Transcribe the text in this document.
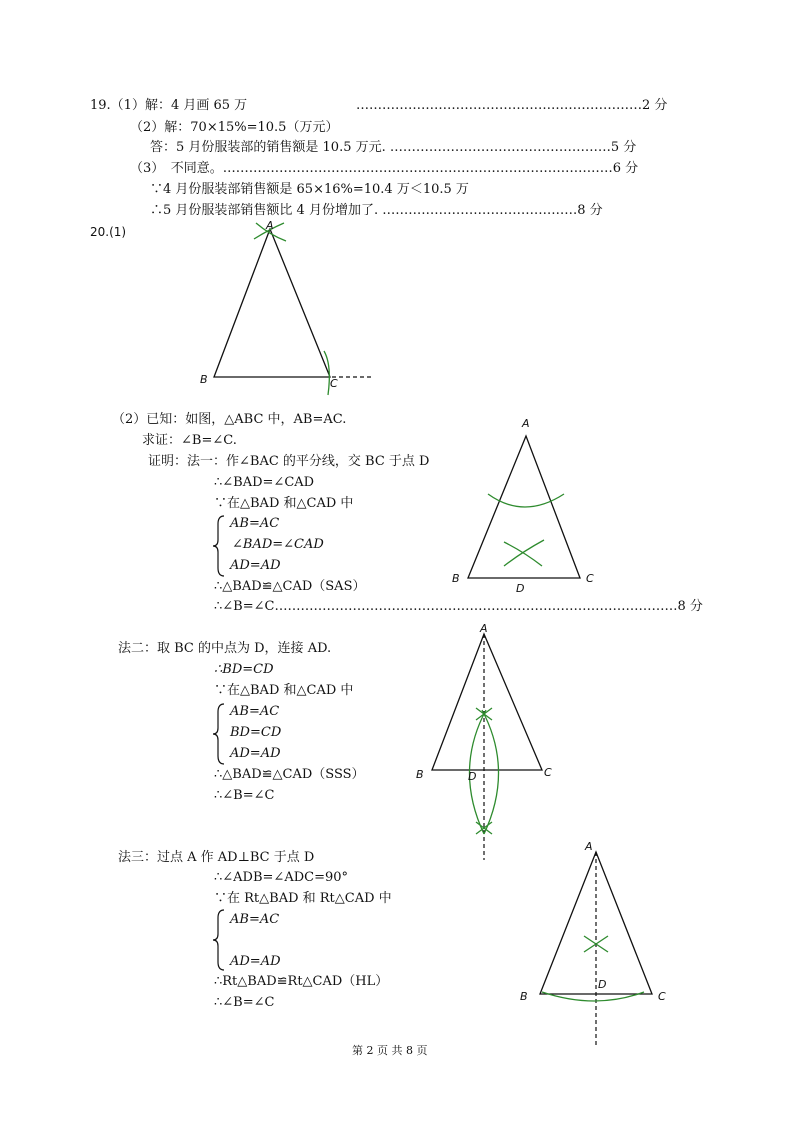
19.（1）解：4 月画 65 万	…………………………………………………………2 分
（2）解：70×15%=10.5（万元）
答：5 月份服装部的销售额是 10.5 万元. ……………………………………………5 分
（3）　不同意。………………………………………………………………………………6 分
∵4 月份服装部销售额是 65×16%=10.4 万＜10.5 万
∴5 月份服装部销售额比 4 月份增加了. ………………………………………8 分
20.(1)	A
B	C
（2）已知：如图，△ABC 中，AB=AC.
求证：∠B=∠C.
证明：法一：作∠BAC 的平分线，交 BC 于点 D
∴∠BAD=∠CAD
∵在△BAD 和△CAD 中
AB=AC
∠BAD=∠CAD
AD=AD
∴△BAD≌△CAD（SAS）
∴∠B=∠C…………………………………………………………………………………8 分
A
B	C
D
法二：取 BC 的中点为 D，连接 AD.
∴BD=CD
∵在△BAD 和△CAD 中
AB=AC
BD=CD
AD=AD
∴△BAD≌△CAD（SSS）
∴∠B=∠C
A
B	C
D
法三：过点 A 作 AD⊥BC 于点 D
∴∠ADB=∠ADC=90°
∵在 Rt△BAD 和 Rt△CAD 中
AB=AC
AD=AD
∴Rt△BAD≌Rt△CAD（HL）
∴∠B=∠C
A
B	C
D
第 2 页 共 8 页
